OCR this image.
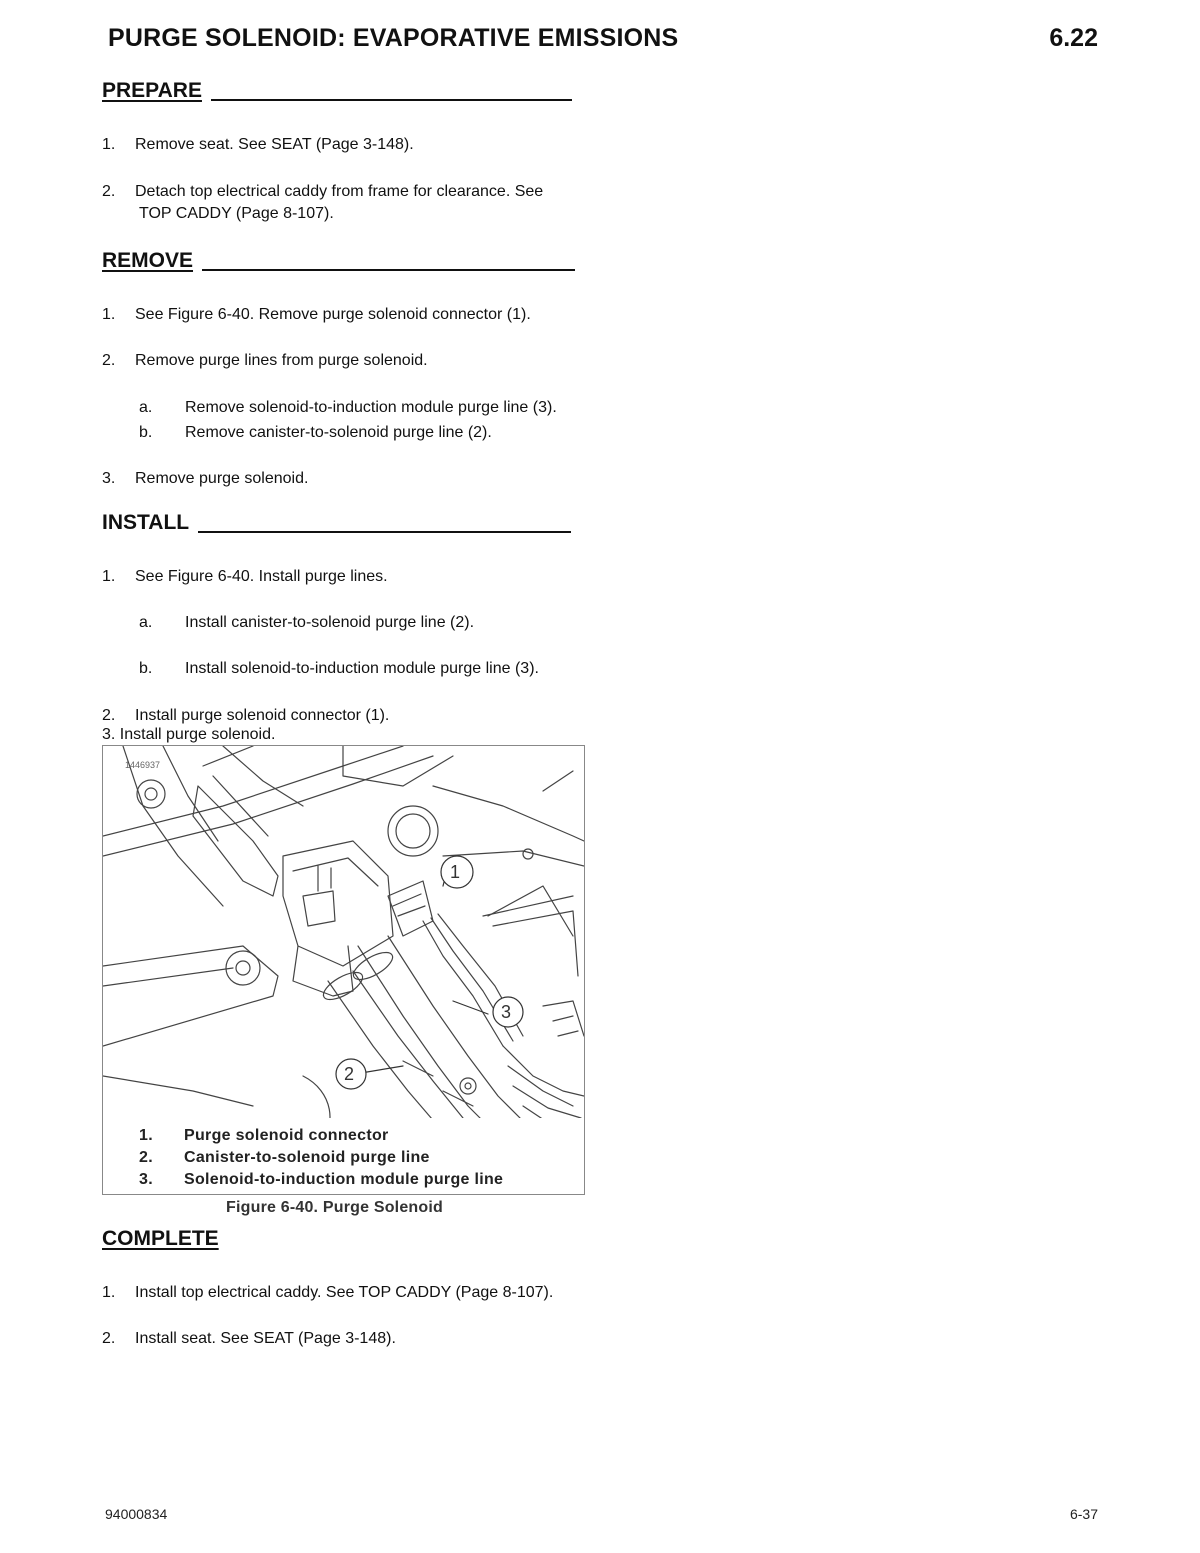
PURGE SOLENOID: EVAPORATIVE EMISSIONS	6.22
PREPARE
1. Remove seat. See SEAT (Page 3-148).
2. Detach top electrical caddy from frame for clearance. See
TOP CADDY (Page 8-107).
REMOVE
1. See Figure 6-40. Remove purge solenoid connector (1).
2. Remove purge lines from purge solenoid.
a. Remove solenoid-to-induction module purge line (3).
b. Remove canister-to-solenoid purge line (2).
3. Remove purge solenoid.
INSTALL
1. See Figure 6-40. Install purge lines.
a. Install canister-to-solenoid purge line (2).
b. Install solenoid-to-induction module purge line (3).
2. Install purge solenoid connector (1).
3. Install purge solenoid.
1446937
1
3
2
1. Purge solenoid connector
2. Canister-to-solenoid purge line
3. Solenoid-to-induction module purge line
Figure 6-40. Purge Solenoid
COMPLETE
1. Install top electrical caddy. See TOP CADDY (Page 8-107).
2. Install seat. See SEAT (Page 3-148).
94000834	6-37
